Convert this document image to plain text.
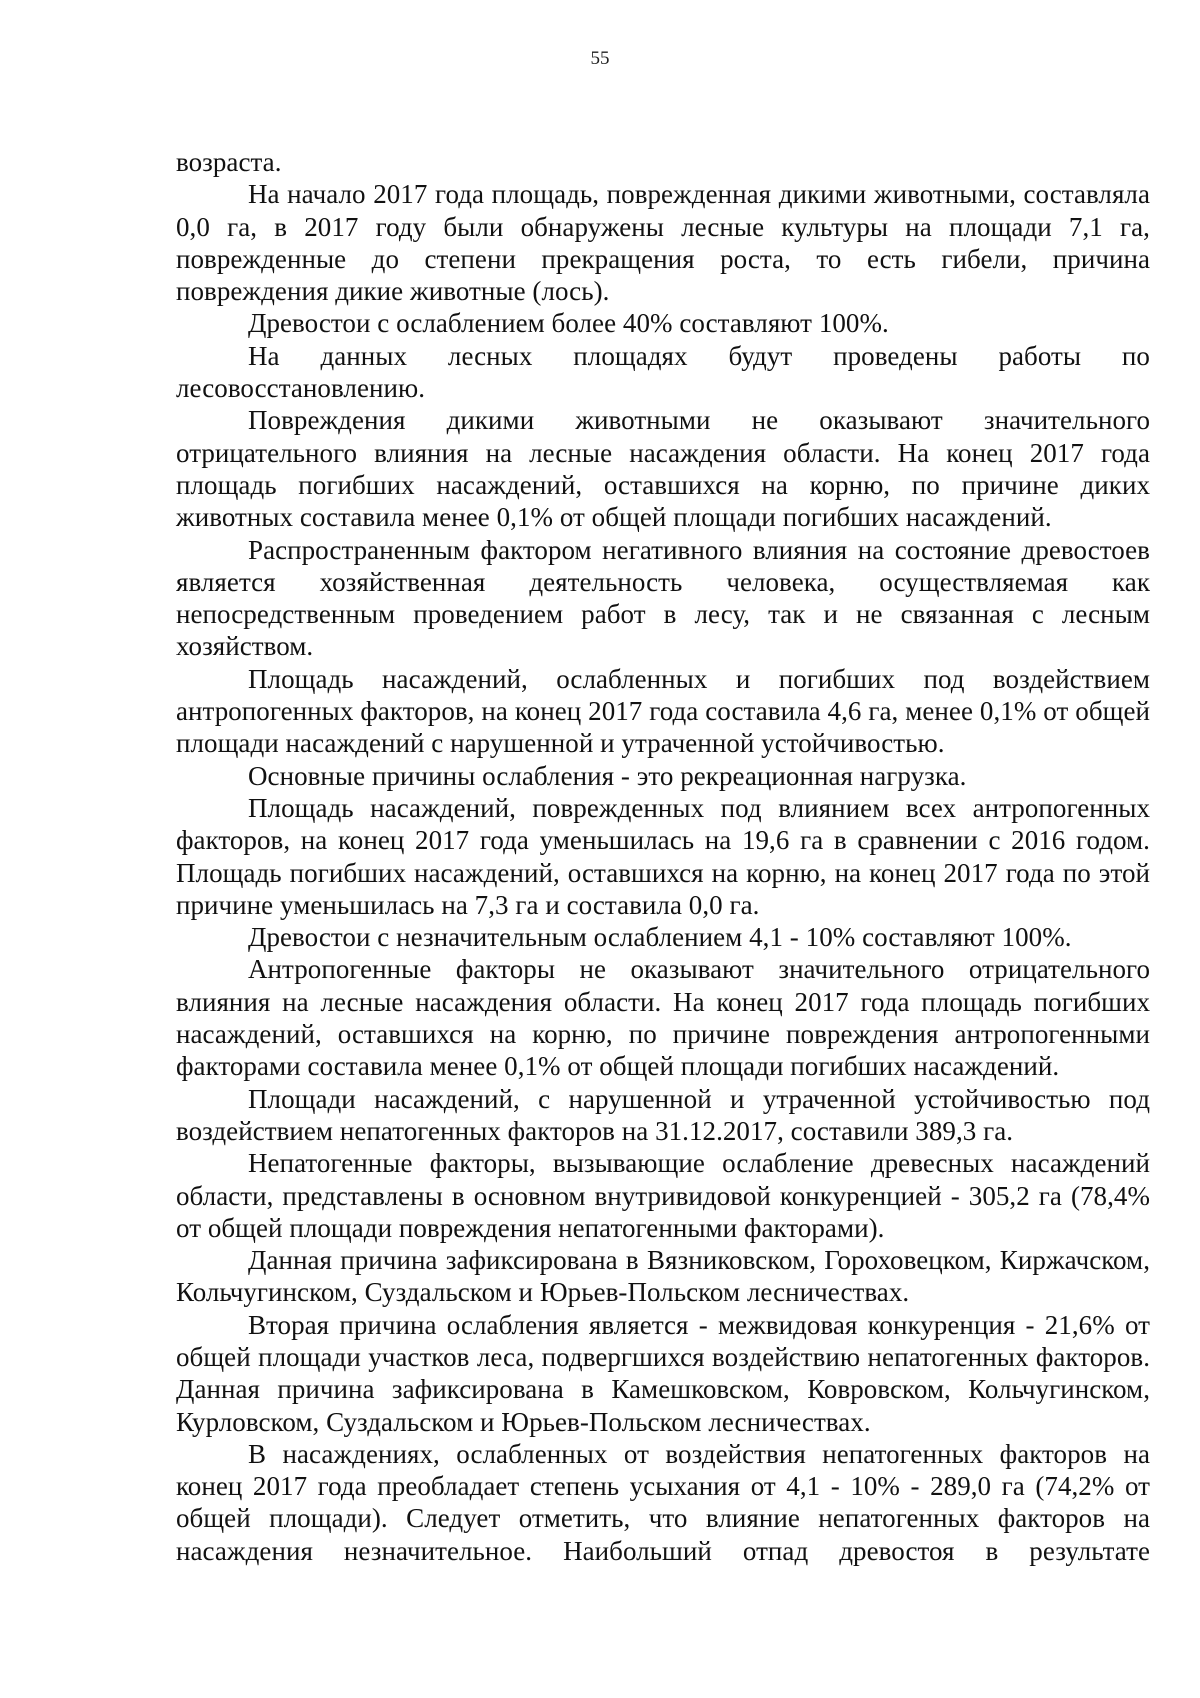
55

возраста.

На начало 2017 года площадь, поврежденная дикими животными, составляла 0,0 га, в 2017 году были обнаружены лесные культуры на площади 7,1 га, поврежденные до степени прекращения роста, то есть гибели, причина повреждения дикие животные (лось).

Древостои с ослаблением более 40% составляют 100%.

На данных лесных площадях будут проведены работы по лесовосстановлению.

Повреждения дикими животными не оказывают значительного отрицательного влияния на лесные насаждения области. На конец 2017 года площадь погибших насаждений, оставшихся на корню, по причине диких животных составила менее 0,1% от общей площади погибших насаждений.

Распространенным фактором негативного влияния на состояние древостоев является хозяйственная деятельность человека, осуществляемая как непосредственным проведением работ в лесу, так и не связанная с лесным хозяйством.

Площадь насаждений, ослабленных и погибших под воздействием антропогенных факторов, на конец 2017 года составила 4,6 га, менее 0,1% от общей площади насаждений с нарушенной и утраченной устойчивостью.

Основные причины ослабления - это рекреационная нагрузка.

Площадь насаждений, поврежденных под влиянием всех антропогенных факторов, на конец 2017 года уменьшилась на 19,6 га в сравнении с 2016 годом. Площадь погибших насаждений, оставшихся на корню, на конец 2017 года по этой причине уменьшилась на 7,3 га и составила 0,0 га.

Древостои с незначительным ослаблением 4,1 - 10% составляют 100%.

Антропогенные факторы не оказывают значительного отрицательного влияния на лесные насаждения области. На конец 2017 года площадь погибших насаждений, оставшихся на корню, по причине повреждения антропогенными факторами составила менее 0,1% от общей площади погибших насаждений.

Площади насаждений, с нарушенной и утраченной устойчивостью под воздействием непатогенных факторов на 31.12.2017, составили 389,3 га.

Непатогенные факторы, вызывающие ослабление древесных насаждений области, представлены в основном внутривидовой конкуренцией - 305,2 га (78,4% от общей площади повреждения непатогенными факторами).

Данная причина зафиксирована в Вязниковском, Гороховецком, Киржачском, Кольчугинском, Суздальском и Юрьев-Польском лесничествах.

Вторая причина ослабления является - межвидовая конкуренция - 21,6% от общей площади участков леса, подвергшихся воздействию непатогенных факторов. Данная причина зафиксирована в Камешковском, Ковровском, Кольчугинском, Курловском, Суздальском и Юрьев-Польском лесничествах.

В насаждениях, ослабленных от воздействия непатогенных факторов на конец 2017 года преобладает степень усыхания от 4,1 - 10% - 289,0 га (74,2% от общей площади). Следует отметить, что влияние непатогенных факторов на насаждения незначительное. Наибольший отпад древостоя в результате
